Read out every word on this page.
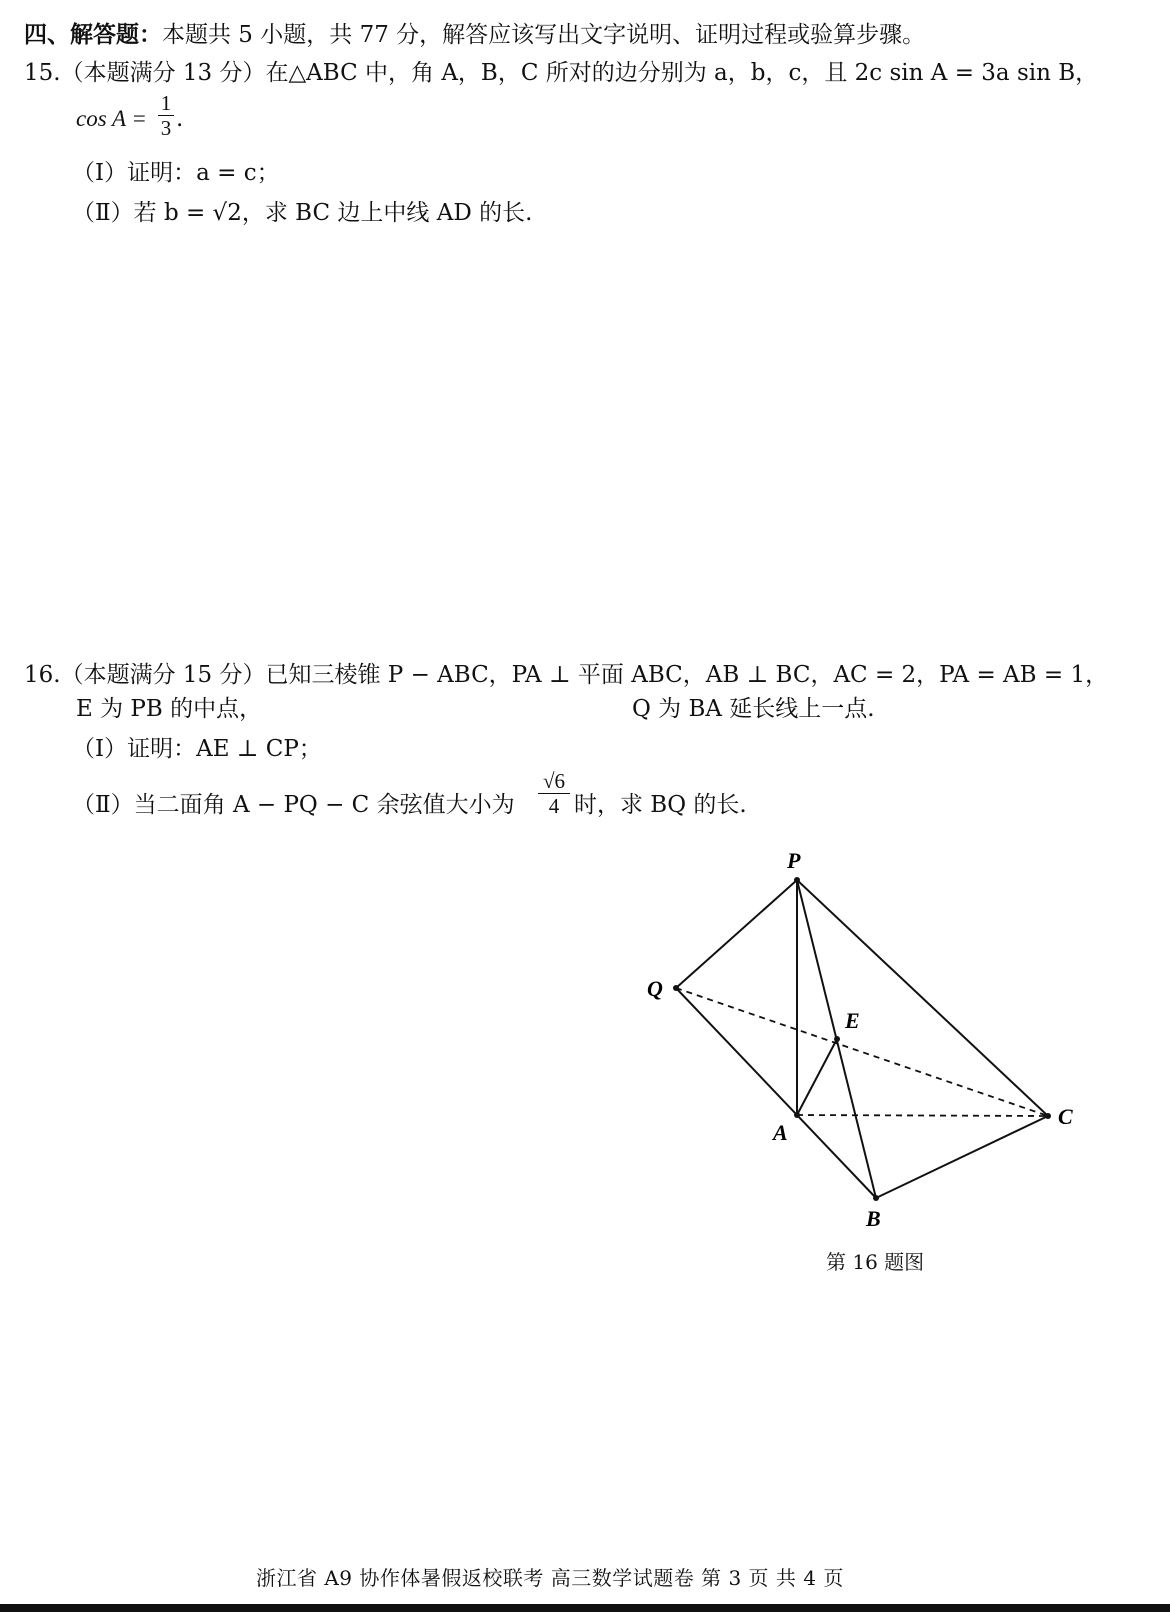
四、解答题：本题共 5 小题，共 77 分，解答应该写出文字说明、证明过程或验算步骤。
15.（本题满分 13 分）在△ABC 中，角 A，B，C 所对的边分别为 a，b，c，且 2c sin A = 3a sin B，
cos A =
1
3 .
（Ⅰ）证明：a = c；
（Ⅱ）若 b = √2，求 BC 边上中线 AD 的长.
16.（本题满分 15 分）已知三棱锥 P − ABC，PA ⊥ 平面 ABC，AB ⊥ BC，AC = 2，PA = AB = 1，
E 为 PB 的中点，	Q 为 BA 延长线上一点.
（Ⅰ）证明：AE ⊥ CP；
（Ⅱ）当二面角 A − PQ − C 余弦值大小为
√6
4 时，求 BQ 的长.
P
Q
E
A
B
C
第 16 题图
浙江省 A9 协作体暑假返校联考 高三数学试题卷 第 3 页 共 4 页
